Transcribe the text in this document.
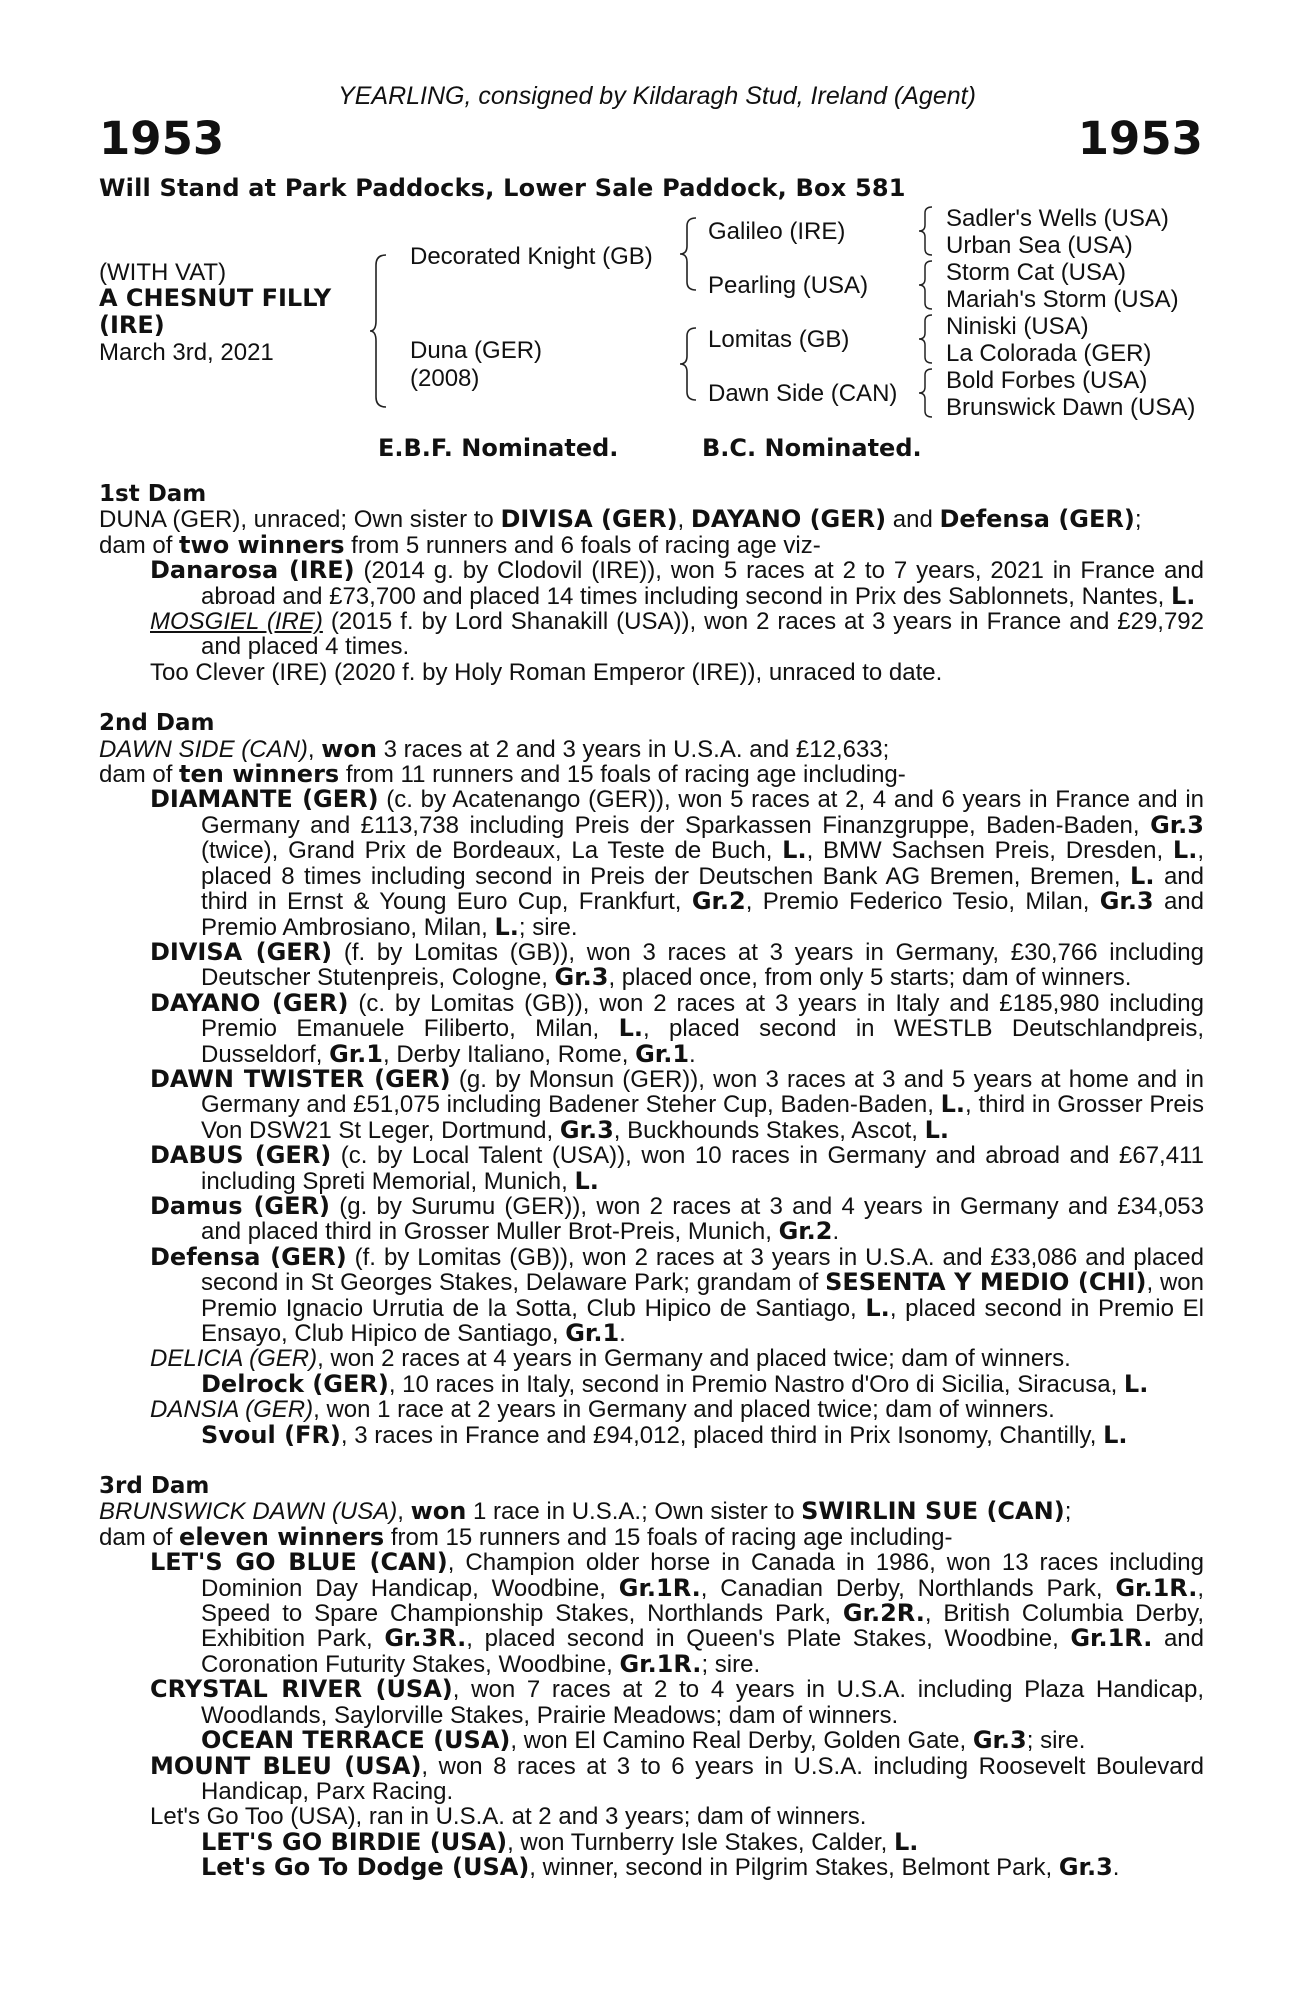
YEARLING, consigned by Kildaragh Stud, Ireland (Agent)
1953	1953
Will Stand at Park Paddocks, Lower Sale Paddock, Box 581
(WITH VAT)
A CHESNUT FILLY
(IRE)
March 3rd, 2021
Decorated Knight (GB)
Duna (GER)
(2008)
Galileo (IRE)
Pearling (USA)
Lomitas (GB)
Dawn Side (CAN)
Sadler's Wells (USA)
Urban Sea (USA)
Storm Cat (USA)
Mariah's Storm (USA)
Niniski (USA)
La Colorada (GER)
Bold Forbes (USA)
Brunswick Dawn (USA)
E.B.F. Nominated.	B.C. Nominated.
1st Dam

DUNA (GER), unraced; Own sister to DIVISA (GER), DAYANO (GER) and Defensa (GER);

dam of two winners from 5 runners and 6 foals of racing age viz-

Danarosa (IRE) (2014 g. by Clodovil (IRE)), won 5 races at 2 to 7 years, 2021 in France and abroad and £73,700 and placed 14 times including second in Prix des Sablonnets, Nantes, L.

MOSGIEL (IRE) (2015 f. by Lord Shanakill (USA)), won 2 races at 3 years in France and £29,792 and placed 4 times.

Too Clever (IRE) (2020 f. by Holy Roman Emperor (IRE)), unraced to date.

2nd Dam

DAWN SIDE (CAN), won 3 races at 2 and 3 years in U.S.A. and £12,633;

dam of ten winners from 11 runners and 15 foals of racing age including-

DIAMANTE (GER) (c. by Acatenango (GER)), won 5 races at 2, 4 and 6 years in France and in Germany and £113,738 including Preis der Sparkassen Finanzgruppe, Baden-Baden, Gr.3 (twice), Grand Prix de Bordeaux, La Teste de Buch, L., BMW Sachsen Preis, Dresden, L., placed 8 times including second in Preis der Deutschen Bank AG Bremen, Bremen, L. and third in Ernst & Young Euro Cup, Frankfurt, Gr.2, Premio Federico Tesio, Milan, Gr.3 and Premio Ambrosiano, Milan, L.; sire.

DIVISA (GER) (f. by Lomitas (GB)), won 3 races at 3 years in Germany, £30,766 including Deutscher Stutenpreis, Cologne, Gr.3, placed once, from only 5 starts; dam of winners.

DAYANO (GER) (c. by Lomitas (GB)), won 2 races at 3 years in Italy and £185,980 including Premio Emanuele Filiberto, Milan, L., placed second in WESTLB Deutschlandpreis, Dusseldorf, Gr.1, Derby Italiano, Rome, Gr.1.

DAWN TWISTER (GER) (g. by Monsun (GER)), won 3 races at 3 and 5 years at home and in Germany and £51,075 including Badener Steher Cup, Baden-Baden, L., third in Grosser Preis Von DSW21 St Leger, Dortmund, Gr.3, Buckhounds Stakes, Ascot, L.

DABUS (GER) (c. by Local Talent (USA)), won 10 races in Germany and abroad and £67,411 including Spreti Memorial, Munich, L.

Damus (GER) (g. by Surumu (GER)), won 2 races at 3 and 4 years in Germany and £34,053 and placed third in Grosser Muller Brot-Preis, Munich, Gr.2.

Defensa (GER) (f. by Lomitas (GB)), won 2 races at 3 years in U.S.A. and £33,086 and placed second in St Georges Stakes, Delaware Park; grandam of SESENTA Y MEDIO (CHI), won Premio Ignacio Urrutia de la Sotta, Club Hipico de Santiago, L., placed second in Premio El Ensayo, Club Hipico de Santiago, Gr.1.

DELICIA (GER), won 2 races at 4 years in Germany and placed twice; dam of winners.

Delrock (GER), 10 races in Italy, second in Premio Nastro d'Oro di Sicilia, Siracusa, L.

DANSIA (GER), won 1 race at 2 years in Germany and placed twice; dam of winners.

Svoul (FR), 3 races in France and £94,012, placed third in Prix Isonomy, Chantilly, L.

3rd Dam

BRUNSWICK DAWN (USA), won 1 race in U.S.A.; Own sister to SWIRLIN SUE (CAN);

dam of eleven winners from 15 runners and 15 foals of racing age including-

LET'S GO BLUE (CAN), Champion older horse in Canada in 1986, won 13 races including Dominion Day Handicap, Woodbine, Gr.1R., Canadian Derby, Northlands Park, Gr.1R., Speed to Spare Championship Stakes, Northlands Park, Gr.2R., British Columbia Derby, Exhibition Park, Gr.3R., placed second in Queen's Plate Stakes, Woodbine, Gr.1R. and Coronation Futurity Stakes, Woodbine, Gr.1R.; sire.

CRYSTAL RIVER (USA), won 7 races at 2 to 4 years in U.S.A. including Plaza Handicap, Woodlands, Saylorville Stakes, Prairie Meadows; dam of winners.

OCEAN TERRACE (USA), won El Camino Real Derby, Golden Gate, Gr.3; sire.

MOUNT BLEU (USA), won 8 races at 3 to 6 years in U.S.A. including Roosevelt Boulevard Handicap, Parx Racing.

Let's Go Too (USA), ran in U.S.A. at 2 and 3 years; dam of winners.

LET'S GO BIRDIE (USA), won Turnberry Isle Stakes, Calder, L.

Let's Go To Dodge (USA), winner, second in Pilgrim Stakes, Belmont Park, Gr.3.
